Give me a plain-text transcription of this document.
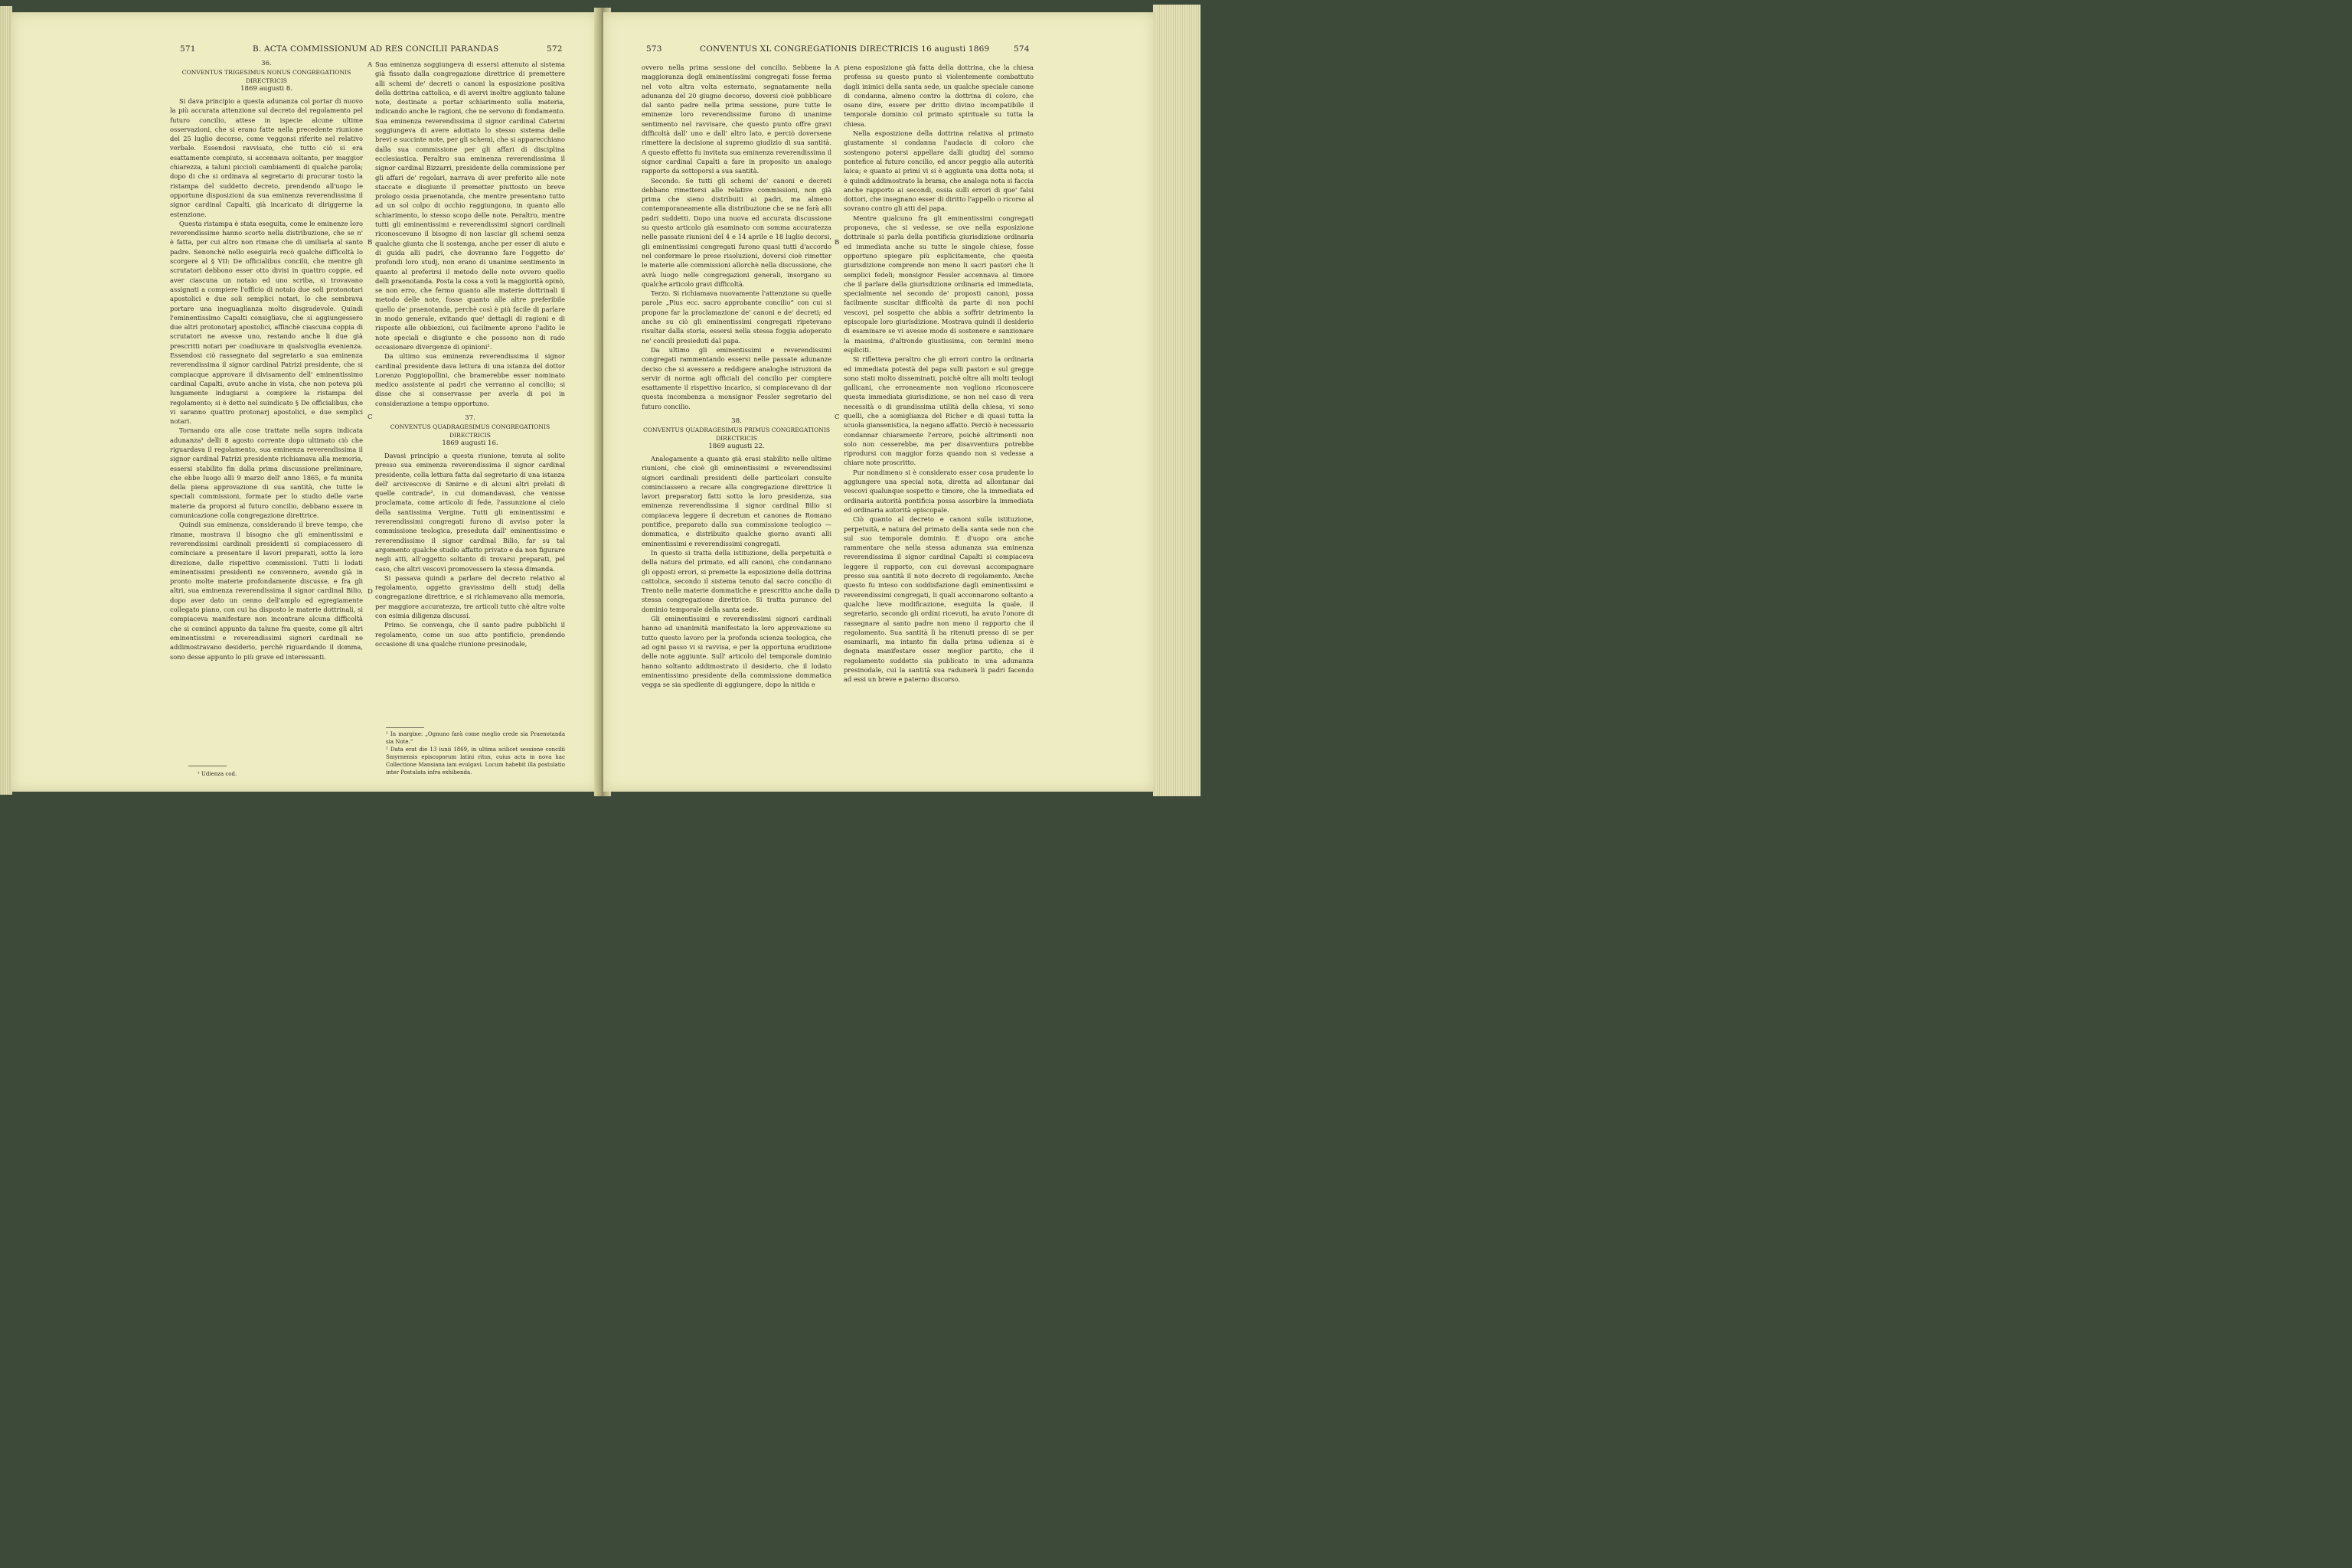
571	B. ACTA COMMISSIONUM AD RES CONCILII PARANDAS	572
36.
CONVENTUS TRIGESIMUS NONUS CONGREGATIONIS DIRECTRICIS

1869 augusti 8.

Si dava principio a questa adunanza col portar di nuovo la più accurata attenzione sul decreto del regolamento pel futuro concilio, attese in ispecie alcune ultime osservazioni, che si erano fatte nella precedente riunione del 25 luglio decorso, come veggonsi riferite nel relativo verbale. Essendosi ravvisato, che tutto ciò si era esattamente compiuto, si accennava soltanto, per maggior chiarezza, a taluni piccioli cambiamenti di qualche parola; dopo di che si ordinava al segretario di procurar tosto la ristampa del suddetto decreto, prendendo all'uopo le opportune disposizioni da sua eminenza reverendissima il signor cardinal Capalti, già incaricato di diriggerne la estenzione.

Questa ristampa è stata eseguita, come le eminenze loro reverendissime hanno scorto nella distribuzione, che se n' è fatta, per cui altro non rimane che di umiliarla al santo padre. Senonchè nello eseguirla recò qualche difficoltà lo scorgere al § VII: De officialibus concilii, che mentre gli scrutatori debbono esser otto divisi in quattro coppie, ed aver ciascuna un notaio ed uno scriba, si trovavano assignati a compiere l'officio di notaio due soli protonotari apostolici e due soli semplici notari, lo che sembrava portare una ineguaglianza molto disgradevole. Quindi l'eminentissimo Capalti consigliava, che si aggiungessero due altri protonotarj apostolici, affinchè ciascuna coppia di scrutatori ne avesse uno, restando anche li due già prescritti notari per coadiuvare in qualsivoglia evenienza. Essendosi ciò rassegnato dal segretario a sua eminenza reverendissima il signor cardinal Patrizi presidente, che si compiacque approvare il divisamento dell' eminentissimo cardinal Capalti, avuto anche in vista, che non poteva più lungamente indugiarsi a compiere la ristampa del regolamento; si è detto nel suindicato § De officialibus, che vi saranno quattro protonarj apostolici, e due semplici notari.

Tornando ora alle cose trattate nella sopra indicata adunanza¹ delli 8 agosto corrente dopo ultimato ciò che riguardava il regolamento, sua eminenza reverendissima il signor cardinal Patrizi presidente richiamava alla memoria, essersi stabilito fin dalla prima discussione preliminare, che ebbe luogo alli 9 marzo dell' anno 1865, e fu munita della piena approvazione di sua santità, che tutte le speciali commissioni, formate per lo studio delle varie materie da proporsi al futuro concilio, debbano essere in comunicazione colla congregazione direttrice.

Quindi sua eminenza, considerando il breve tempo, che rimane, mostrava il bisogno che gli eminentissimi e reverendissimi cardinali presidenti si compiacessero di cominciare a presentare il lavori preparati, sotto la loro direzione, dalle rispettive commissioni. Tutti li lodati eminentissimi presidenti ne convennero, avendo già in pronto molte materie profondamente discusse, e fra gli altri, sua eminenza reverendissima il signor cardinal Bilio, dopo aver dato un cenno dell'amplo ed egregiamente collegato piano, con cui ha disposto le materie dottrinali, si compiaceva manifestare non incontrare alcuna difficoltà che si cominci appunto da talune fra queste, come gli altri eminentissimi e reverendissimi signori cardinali ne addimostravano desiderio, perchè riguardando il domma, sono desse appunto lo più grave ed interessanti.

¹ Udienza cod.
A
B
C
D

Sua eminenza soggiungeva di essersi attenuto al sistema già fissato dalla congregazione direttrice di premettere alli schemi de' decreti o canoni la esposizione positiva della dottrina cattolica, e di avervi inoltre aggiunto talune note, destinate a portar schiarimento sulla materia, indicando anche le ragioni, che ne servono di fondamento. Sua eminenza reverendissima il signor cardinal Caterini soggiungeva di avere adottato lo stesso sistema delle brevi e succinte note, per gli schemi, che si apparecchiano dalla sua commissione per gli affari di disciplina ecclesiastica. Peraltro sua eminenza reverendissima il signor cardinal Bizzarri, presidente della commissione per gli affari de' regolari, narrava di aver preferito alle note staccate e disgiunte il premetter piuttosto un breve prologo ossia praenotanda, che mentre presentano tutto ad un sol colpo di occhio raggiungono, in quanto allo schiarimento, lo stesso scopo delle note. Peraltro, mentre tutti gli eminentissimi e reverendissimi signori cardinali riconoscevano il bisogno di non lasciar gli schemi senza qualche giunta che li sostenga, anche per esser di aiuto e di guida alli padri, che dovranno fare l'oggetto de' profondi loro studj, non erano di unanime sentimento in quanto al preferirsi il metodo delle note ovvero quello delli praenotanda. Posta la cosa a voti la maggiorità opinò, se non erro, che fermo quanto alle materie dottrinali il metodo delle note, fosse quanto alle altre preferibile quello de' praenotanda, perchè così è più facile di parlare in modo generale, evitando que' dettagli di ragioni e di risposte alle obbiezioni, cui facilmente aprono l'adito le note speciali e disgiunte e che possono non di rado occasionare divergenze di opinioni¹.

Da ultimo sua eminenza reverendissima il signor cardinal presidente dava lettura di una istanza del dottor Lorenzo Poggiopollini, che bramerebbe esser nominato medico assistente ai padri che verranno al concilio; si disse che si conservasse per averla di poi in considerazione a tempo opportuno.

37.
CONVENTUS QUADRAGESIMUS CONGREGATIONIS DIRECTRICIS

1869 augusti 16.

Davasi principio a questa riunione, tenuta al solito presso sua eminenza reverendissima il signor cardinal presidente, colla lettura fatta dal segretario di una istanza dell' arcivescovo di Smirne e di alcuni altri prelati di quelle contrade², in cui domandavasi, che venisse proclamata, come articolo di fede, l'assunzione al cielo della santissima Vergine. Tutti gli eminentissimi e reverendissimi congregati furono di avviso poter la commissione teologica, preseduta dall' eminentissimo e reverendissimo il signor cardinal Bilio, far su tal argomento qualche studio affatto privato e da non figurare negli atti, all'oggetto soltanto di trovarsi preparati, pel caso, che altri vescovi promovessero la stessa dimanda.

Si passava quindi a parlare del decreto relativo al regolamento, oggetto gravissimo delli studj della congregazione direttrice, e si richiamavano alla memoria, per maggiore accuratezza, tre articoli tutto chè altre volte con esimia diligenza discussi.

Primo. Se convenga, che il santo padre pubblichi il regolamento, come un suo atto pontificio, prendendo occasione di una qualche riunione presinodale,

¹ In margine: „Ognuno farà come meglio crede sia Praenotanda sia Note.“
² Data erat die 13 iunii 1869, in ultima scilicet sessione concilii Smyrnensis episcoporum latini ritus, cuius acta in nova hac Collectione Mansiana iam evulgavi. Locum habebit illa postulatio inter Postulata infra exhibenda.
573	CONVENTUS XL CONGREGATIONIS DIRECTRICIS 16 augusti 1869	574

ovvero nella prima sessione del concilio. Sebbene la maggioranza degli eminentissimi congregati fosse ferma nel voto altra volta esternato, segnatamente nella adunanza del 20 giugno decorso, doversi cioè pubblicare dal santo padre nella prima sessione, pure tutte le eminenze loro reverendissime furono di unanime sentimento nel ravvisare, che questo punto offre gravi difficoltà dall' uno e dall' altro lato, e perciò doversene rimettere la decisione al supremo giudizio di sua santità. A questo effetto fu invitata sua eminenza reverendissima il signor cardinal Capalti a fare in proposito un analogo rapporto da sottoporsi a sua santità.

Secondo. Se tutti gli schemi de' canoni e decreti debbano rimettersi alle relative commissioni, non già prima che sieno distribuiti ai padri, ma almeno contemporaneamente alla distribuzione che se ne farà alli padri suddetti. Dopo una nuova ed accurata discussione su questo articolo già esaminato con somma accuratezza nelle passate riunioni del 4 e 14 aprile e 18 luglio decorsi, gli eminentissimi congregati furono quasi tutti d'accordo nel confermare le prese risoluzioni, doversi cioè rimetter le materie alle commissioni allorchè nella discussione, che avrà luogo nelle congregazioni generali, insorgano su qualche articolo gravi difficoltà.

Terzo. Si richiamava nuovamente l'attenzione su quelle parole „Pius ecc. sacro approbante concilio“ con cui si propone far la proclamazione de' canoni e de' decreti; ed anche su ciò gli eminentissimi congregati ripetevano risultar dalla storia, essersi nella stessa foggia adoperato ne' concili presieduti dal papa.

Da ultimo gli eminentissimi e reverendissimi congregati rammentando essersi nelle passate adunanze deciso che si avessero a reddigere analoghe istruzioni da servir di norma agli officiali del concilio per compiere esattamente il rispettivo incarico, si compiacevano di dar questa incombenza a monsignor Fessler segretario del futuro concilio.

38.
CONVENTUS QUADRAGESIMUS PRIMUS CONGREGATIONIS DIRECTRICIS

1869 augusti 22.

Analogamente a quanto già erasi stabilito nelle ultime riunioni, che cioè gli eminentissimi e reverendissimi signori cardinali presidenti delle particolari consulte cominciassero a recare alla congregazione direttrice li lavori preparatorj fatti sotto la loro presidenza, sua eminenza reverendissima il signor cardinal Bilio si compiaceva leggere il decretum et canones de Romano pontifice, preparato dalla sua commissione teologico — dommatica, e distribuito qualche giorno avanti alli eminentissimi e reverendissimi congregati.

In questo si tratta della istituzione, della perpetuità e della natura del primato, ed alli canoni, che condannano gli opposti errori, si premette la esposizione della dottrina cattolica, secondo il sistema tenuto dal sacro concilio di Trento nelle materie dommatiche e prescritto anche dalla stessa congregazione direttrice. Si tratta puranco del dominio temporale della santa sede.

Gli eminentissimi e reverendissimi signori cardinali hanno ad unanimità manifestato la loro approvazione su tutto questo lavoro per la profonda scienza teologica, che ad ogni passo vi si ravvisa, e per la opportuna erudizione delle note aggiunte. Sull' articolo del temporale dominio hanno soltanto addimostrato il desiderio, che il lodato eminentissimo presidente della commissione dommatica vegga se sia spediente di aggiungere, dopo la nitida e

A
B
C
D

piena esposizione già fatta della dottrina, che la chiesa professa su questo punto sì violentemente combattuto dagli inimici della santa sede, un qualche speciale canone di condanna, almeno contro la dottrina di coloro, che osano dire, essere per dritto divino incompatibile il temporale dominio col primato spirituale su tutta la chiesa.

Nella esposizione della dottrina relativa al primato giustamente si condanna l'audacia di coloro che sostengono potersi appellare dalli giudizj del sommo pontefice al futuro concilio, ed ancor peggio alla autorità laica; e quanto ai primi vi si è aggiunta una dotta nota; si è quindi addimostrato la brama, che analoga nota si faccia anche rapporto ai secondi, ossia sulli errori di que' falsi dottori, che insegnano esser di diritto l'appello o ricorso al sovrano contro gli atti del papa.

Mentre qualcuno fra gli eminentissimi congregati proponeva, che si vedesse, se ove nella esposizione dottrinale si parla della pontificia giurisdizione ordinaria ed immediata anche su tutte le singole chiese, fosse opportuno spiegare più esplicitamente, che questa giurisdizione comprende non meno li sacri pastori che li semplici fedeli; monsignor Fessler accennava al timore che il parlare della giurisdizione ordinaria ed immediata, specialmente nel secondo de' proposti canoni, possa facilmente suscitar difficoltà da parte di non pochi vescovi, pel sospetto che abbia a soffrir detrimento la episcopale loro giurisdizione. Mostrava quindi il desiderio di esaminare se vi avesse modo di sostenere e sanzionare la massima, d'altronde giustissima, con termini meno espliciti.

Si rifletteva peraltro che gli errori contro la ordinaria ed immediata potestà del papa sulli pastori e sul gregge sono stati molto disseminati, poichè oltre alli molti teologi gallicani, che erroneamente non vogliono riconoscere questa immediata giurisdizione, se non nel caso di vera necessità o di grandissima utilità della chiesa, vi sono quelli, che a somiglianza del Richer e di quasi tutta la scuola giansenistica, la negano affatto. Perciò è necessario condannar chiaramente l'errore, poichè altrimenti non solo non cesserebbe, ma per disavventura potrebbe riprodursi con maggior forza quando non si vedesse a chiare note proscritto.

Pur nondimeno si è considerato esser cosa prudente lo aggiungere una special nota, diretta ad allontanar dai vescovi qualunque sospetto e timore, che la immediata ed ordinaria autorità pontificia possa assorbire la immediata ed ordinaria autorità episcopale.

Ciò quanto al decreto e canoni sulla istituzione, perpetuità, e natura del primato della santa sede non che sul suo temporale dominio. È d'uopo ora anche rammentare che nella stessa adunanza sua eminenza reverendissima il signor cardinal Capalti si compiaceva leggere il rapporto, con cui dovevasi accompagnare presso sua santità il noto decreto di regolamento. Anche questo fu inteso con soddisfazione dagli eminentissimi e reverendissimi congregati, li quali acconnarono soltanto a qualche lieve modificazione, eseguita la quale, il segretario, secondo gli ordini ricevuti, ha avuto l'onore di rassegnare al santo padre non meno il rapporto che il regolamento. Sua santità lì ha ritenuti presso di se per esaminarli, ma intanto fin dalla prima udienza si è degnata manifestare esser meglior partito, che il regolamento suddetto sia publicato in una adunanza presinodale, cui la santità sua radunerà li padri facendo ad essi un breve e paterno discorso.
